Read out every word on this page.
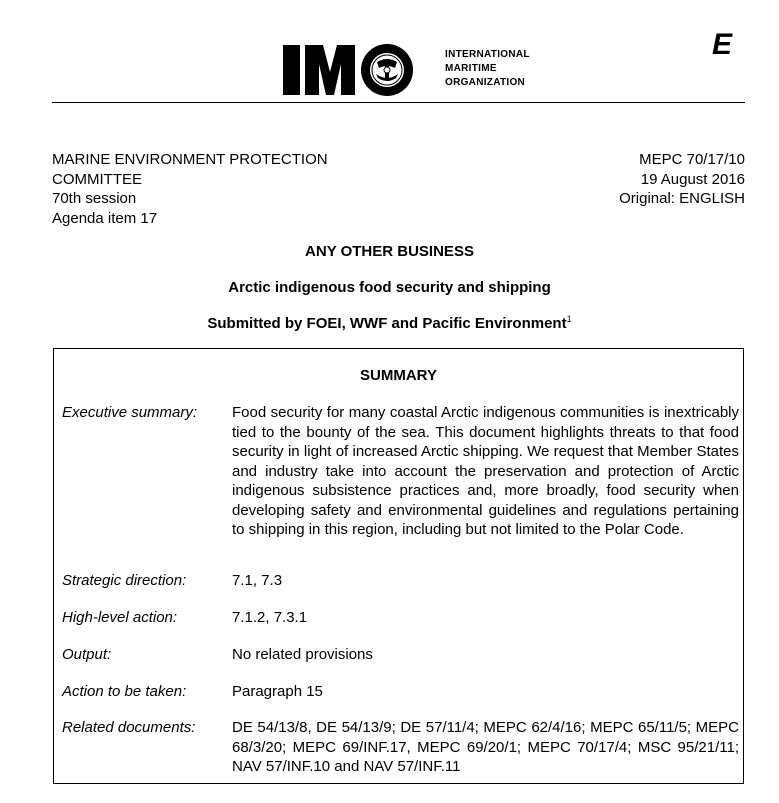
INTERNATIONAL
MARITIME
ORGANIZATION
E
MARINE ENVIRONMENT PROTECTION
COMMITTEE
70th session
Agenda item 17
MEPC 70/17/10
19 August 2016
Original: ENGLISH
ANY OTHER BUSINESS
Arctic indigenous food security and shipping
Submitted by FOEI, WWF and Pacific Environment$^1$
SUMMARY
Executive summary:	Food security for many coastal Arctic indigenous communities is inextricably tied to the bounty of the sea. This document highlights threats to that food security in light of increased Arctic shipping. We request that Member States and industry take into account the preservation and protection of Arctic indigenous subsistence practices and, more broadly, food security when developing safety and environmental guidelines and regulations pertaining to shipping in this region, including but not limited to the Polar Code.
Strategic direction:	7.1, 7.3
High-level action:	7.1.2, 7.3.1
Output:	No related provisions
Action to be taken:	Paragraph 15
Related documents:	DE 54/13/8, DE 54/13/9; DE 57/11/4; MEPC 62/4/16; MEPC 65/11/5; MEPC 68/3/20; MEPC 69/INF.17, MEPC 69/20/1; MEPC 70/17/4; MSC 95/21/11; NAV 57/INF.10 and NAV 57/INF.11
